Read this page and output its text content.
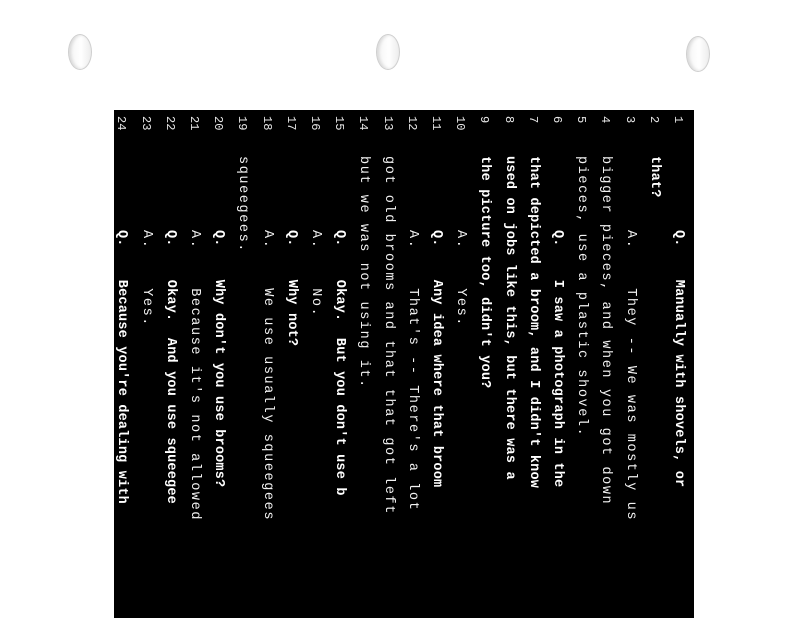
1
Q.    Manually with shovels, or
2
that?
3
A.    They -- We was mostly us
4
bigger pieces, and when you got down
5
pieces, use a plastic shovel.
6
Q.    I saw a photograph in the
7
that depicted a broom, and I didn't know
8
used on jobs like this, but there was a
9
the picture too, didn't you?
10
A.    Yes.
11
Q.    Any idea where that broom
12
A.    That's -- There's a lot
13
got old brooms and that that got left
14
but we was not using it.
15
Q.    Okay.  But you don't use b
16
A.    No.
17
Q.    Why not?
18
A.    We use usually squeegees
19
squeegees.
20
Q.    Why don't you use brooms?
21
A.    Because it's not allowed
22
Q.    Okay.  And you use squeegee
23
A.    Yes.
24
Q.    Because you're dealing with
